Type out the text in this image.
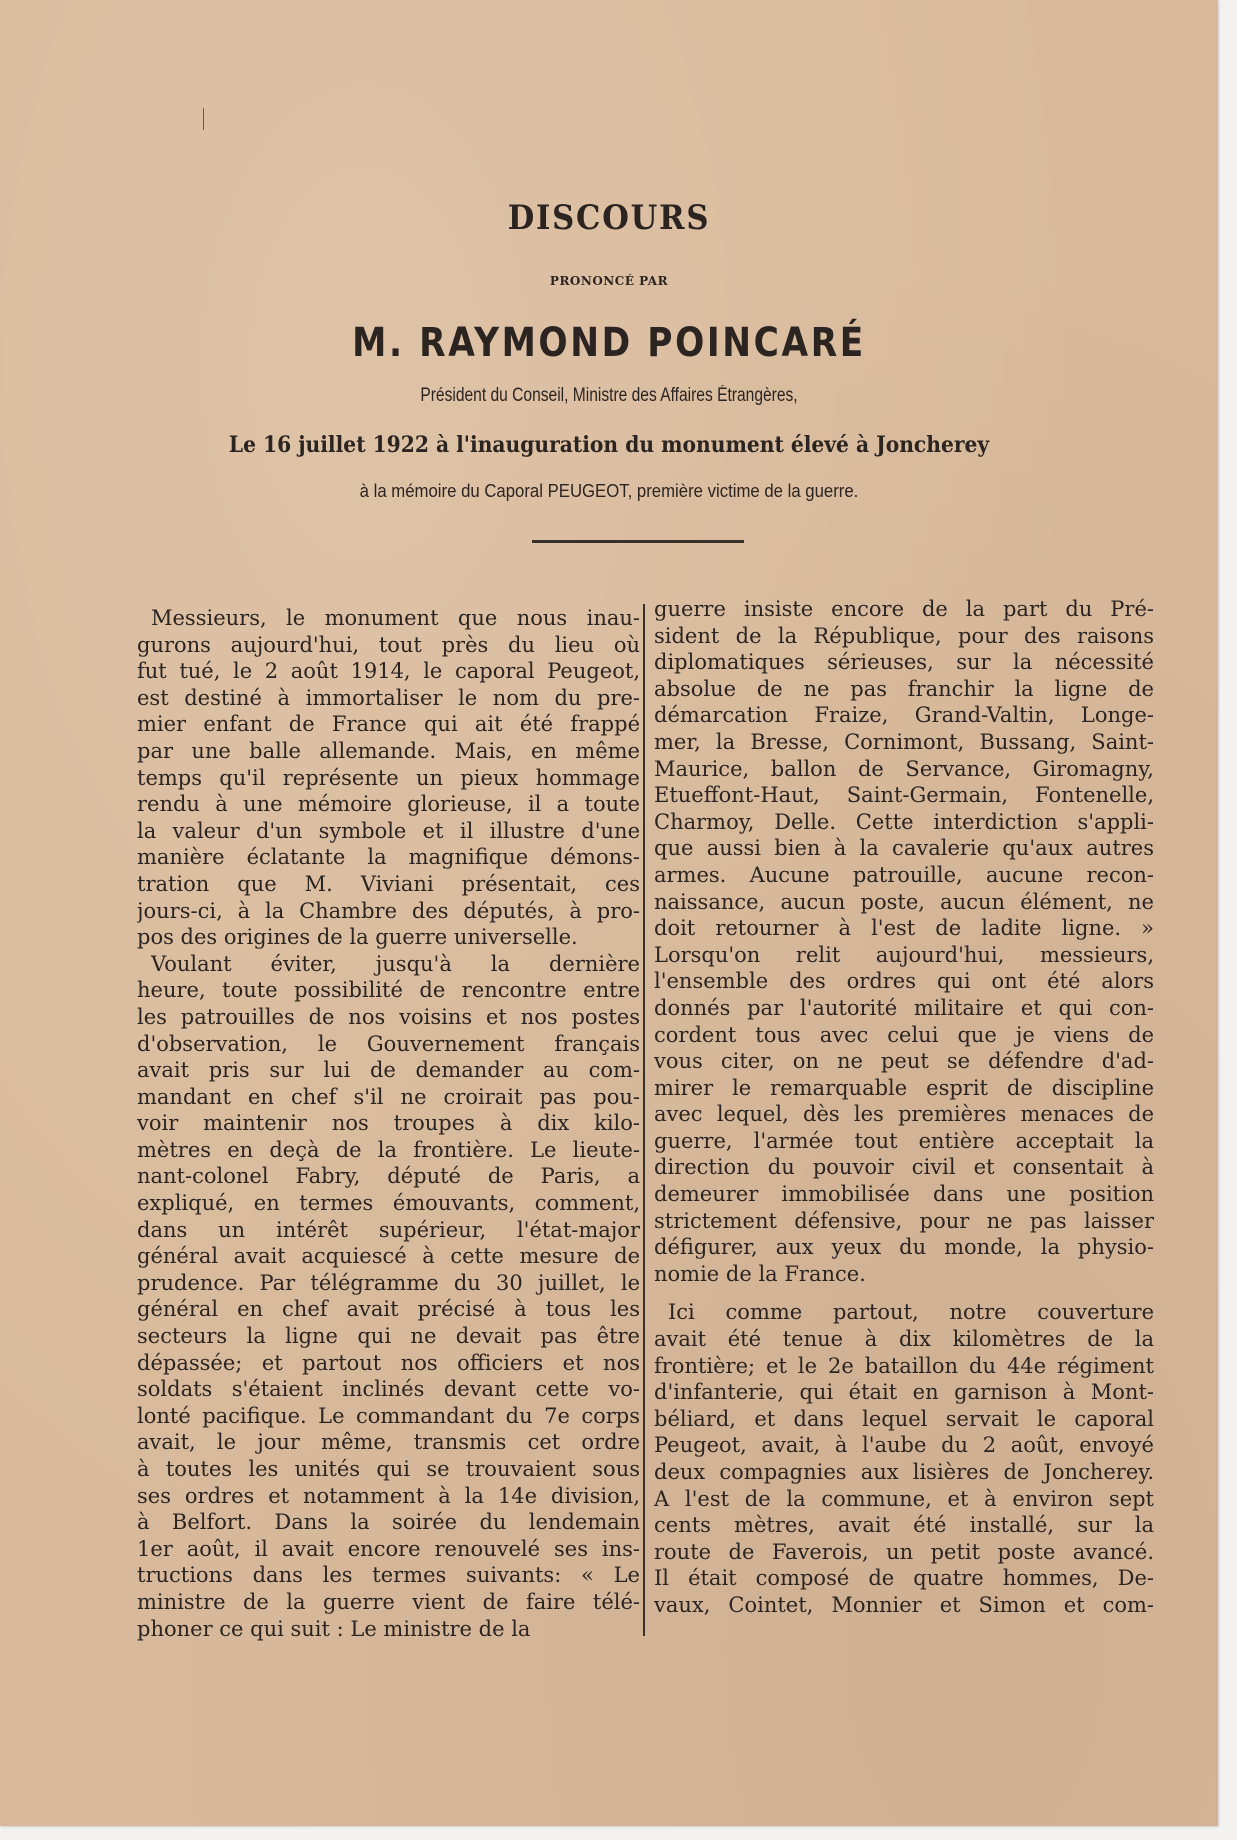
DISCOURS
PRONONCÉ PAR
M. RAYMOND POINCARÉ
Président du Conseil, Ministre des Affaires Étrangères,
Le 16 juillet 1922 à l'inauguration du monument élevé à Joncherey
à la mémoire du Caporal PEUGEOT, première victime de la guerre.
Messieurs, le monument que nous inau-
gurons aujourd'hui, tout près du lieu où
fut tué, le 2 août 1914, le caporal Peugeot,
est destiné à immortaliser le nom du pre-
mier enfant de France qui ait été frappé
par une balle allemande. Mais, en même
temps qu'il représente un pieux hommage
rendu à une mémoire glorieuse, il a toute
la valeur d'un symbole et il illustre d'une
manière éclatante la magnifique démons-
tration que M. Viviani présentait, ces
jours-ci, à la Chambre des députés, à pro-
pos des origines de la guerre universelle.
Voulant éviter, jusqu'à la dernière
heure, toute possibilité de rencontre entre
les patrouilles de nos voisins et nos postes
d'observation, le Gouvernement français
avait pris sur lui de demander au com-
mandant en chef s'il ne croirait pas pou-
voir maintenir nos troupes à dix kilo-
mètres en deçà de la frontière. Le lieute-
nant-colonel Fabry, député de Paris, a
expliqué, en termes émouvants, comment,
dans un intérêt supérieur, l'état-major
général avait acquiescé à cette mesure de
prudence. Par télégramme du 30 juillet, le
général en chef avait précisé à tous les
secteurs la ligne qui ne devait pas être
dépassée; et partout nos officiers et nos
soldats s'étaient inclinés devant cette vo-
lonté pacifique. Le commandant du 7e corps
avait, le jour même, transmis cet ordre
à toutes les unités qui se trouvaient sous
ses ordres et notamment à la 14e division,
à Belfort. Dans la soirée du lendemain
1er août, il avait encore renouvelé ses ins-
tructions dans les termes suivants: « Le
ministre de la guerre vient de faire télé-
phoner ce qui suit : Le ministre de la
guerre insiste encore de la part du Pré-
sident de la République, pour des raisons
diplomatiques sérieuses, sur la nécessité
absolue de ne pas franchir la ligne de
démarcation Fraize, Grand-Valtin, Longe-
mer, la Bresse, Cornimont, Bussang, Saint-
Maurice, ballon de Servance, Giromagny,
Etueffont-Haut, Saint-Germain, Fontenelle,
Charmoy, Delle. Cette interdiction s'appli-
que aussi bien à la cavalerie qu'aux autres
armes. Aucune patrouille, aucune recon-
naissance, aucun poste, aucun élément, ne
doit retourner à l'est de ladite ligne. »
Lorsqu'on relit aujourd'hui, messieurs,
l'ensemble des ordres qui ont été alors
donnés par l'autorité militaire et qui con-
cordent tous avec celui que je viens de
vous citer, on ne peut se défendre d'ad-
mirer le remarquable esprit de discipline
avec lequel, dès les premières menaces de
guerre, l'armée tout entière acceptait la
direction du pouvoir civil et consentait à
demeurer immobilisée dans une position
strictement défensive, pour ne pas laisser
défigurer, aux yeux du monde, la physio-
nomie de la France.
Ici comme partout, notre couverture
avait été tenue à dix kilomètres de la
frontière; et le 2e bataillon du 44e régiment
d'infanterie, qui était en garnison à Mont-
béliard, et dans lequel servait le caporal
Peugeot, avait, à l'aube du 2 août, envoyé
deux compagnies aux lisières de Joncherey.
A l'est de la commune, et à environ sept
cents mètres, avait été installé, sur la
route de Faverois, un petit poste avancé.
Il était composé de quatre hommes, De-
vaux, Cointet, Monnier et Simon et com-
